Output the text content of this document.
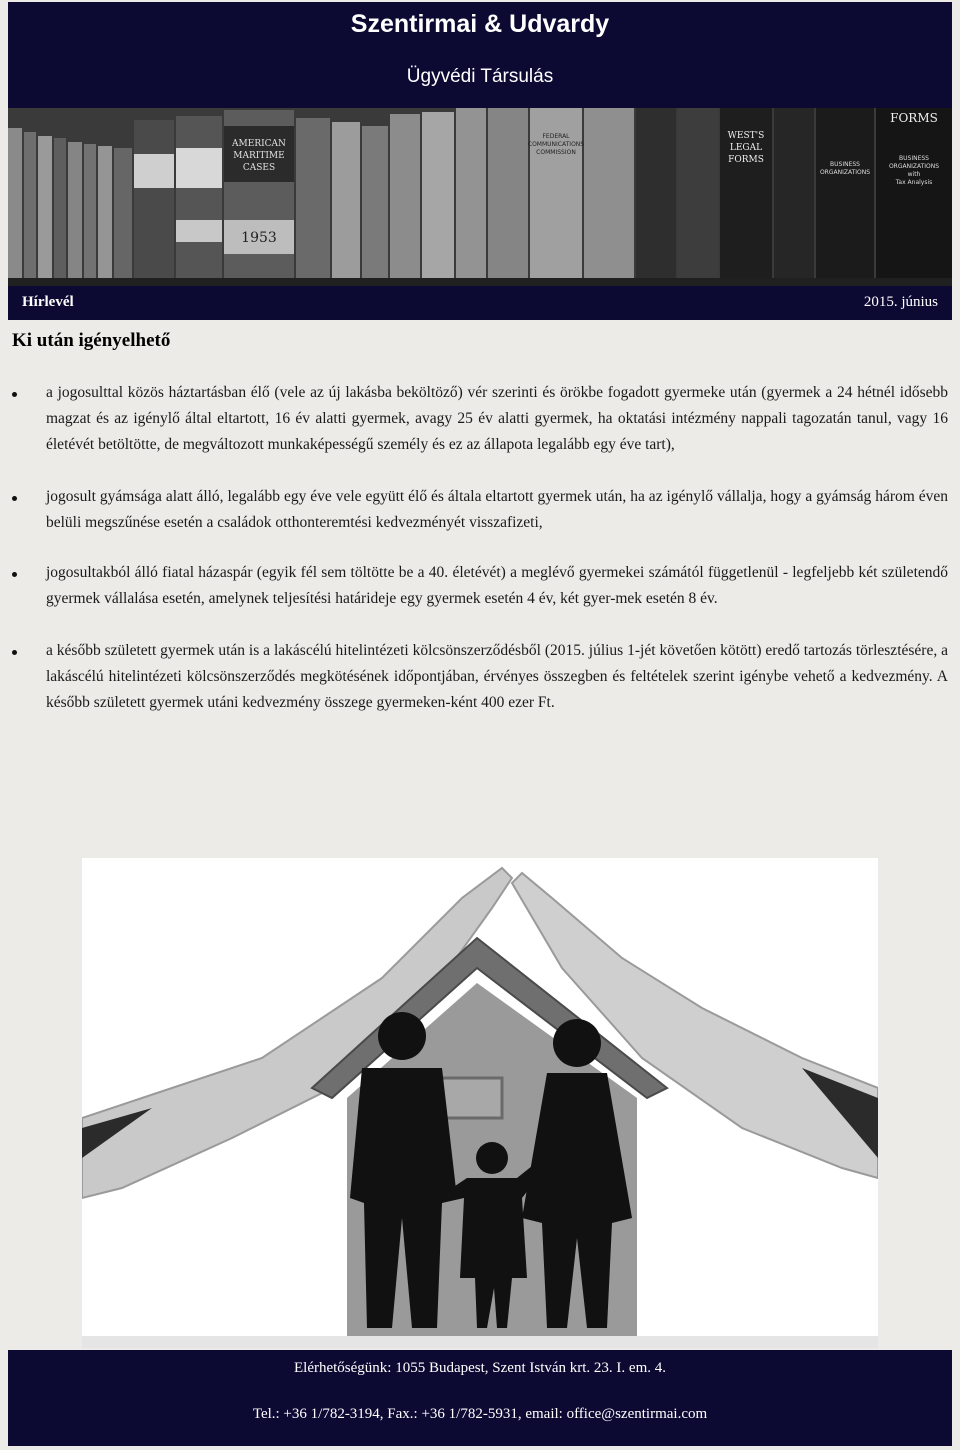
Szentirmai & Udvardy
Ügyvédi Társulás
AMERICAN
MARITIME
CASES
1953
FEDERAL
COMMUNICATIONS
COMMISSION
WEST'S
LEGAL
FORMS	BUSINESS
ORGANIZATIONS
FORMS
BUSINESS
ORGANIZATIONS
with
Tax Analysis
Hírlevél	2015. június
Ki után igényelhető
a jogosulttal közös háztartásban élő (vele az új lakásba beköltöző) vér szerinti és örökbe fogadott gyermeke után (gyermek a 24 hétnél idősebb magzat és az igénylő által eltartott, 16 év alatti gyermek, avagy 25 év alatti gyermek, ha oktatási intézmény nappali tagozatán tanul, vagy 16 életévét betöltötte, de megváltozott munkaképességű személy és ez az állapota legalább egy éve tart),
jogosult gyámsága alatt álló, legalább egy éve vele együtt élő és általa eltartott gyermek után, ha az igénylő vállalja, hogy a gyámság három éven belüli megszűnése esetén a családok otthonteremtési kedvezményét visszafizeti,
jogosultakból álló fiatal házaspár (egyik fél sem töltötte be a 40. életévét) a meglévő gyermekei számától függetlenül - legfeljebb két születendő gyermek vállalása esetén, amelynek teljesítési határideje egy gyermek esetén 4 év, két gyer-mek esetén 8 év.
a később született gyermek után is a lakáscélú hitelintézeti kölcsönszerződésből (2015. július 1-jét követően kötött) eredő tartozás törlesztésére, a lakáscélú hitelintézeti kölcsönszerződés megkötésének időpontjában, érvényes összegben és feltételek szerint igénybe vehető a kedvezmény. A később született gyermek utáni kedvezmény összege gyermeken-ként 400 ezer Ft.
Elérhetőségünk: 1055 Budapest, Szent István krt. 23. I. em. 4.
Tel.: +36 1/782-3194, Fax.: +36 1/782-5931, email: office@szentirmai.com
